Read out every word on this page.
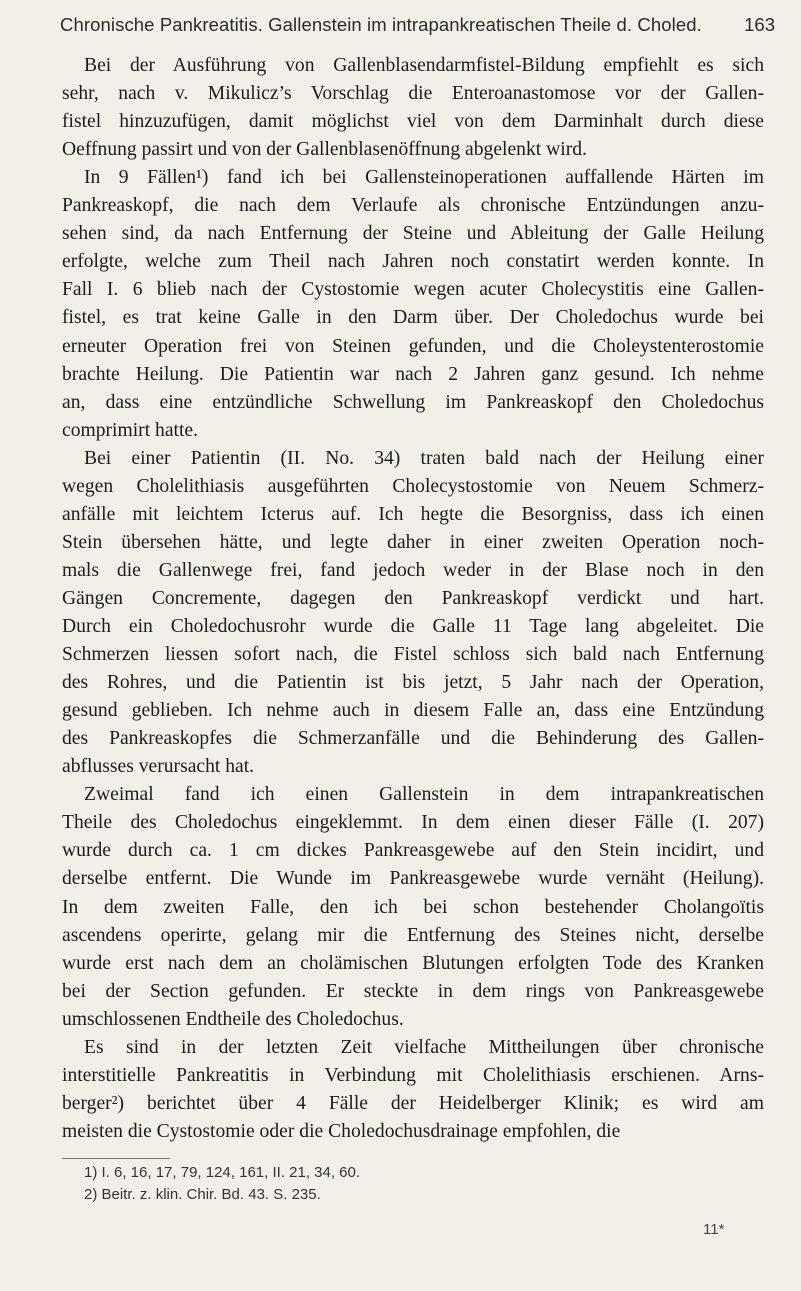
Chronische Pankreatitis. Gallenstein im intrapankreatischen Theile d. Choled. 163
Bei der Ausführung von Gallenblasendarmfistel-Bildung empfiehlt es sich
sehr, nach v. Mikulicz’s Vorschlag die Enteroanastomose vor der Gallen-
fistel hinzuzufügen, damit möglichst viel von dem Darminhalt durch diese
Oeffnung passirt und von der Gallenblasenöffnung abgelenkt wird.
In 9 Fällen¹) fand ich bei Gallensteinoperationen auffallende Härten im
Pankreaskopf, die nach dem Verlaufe als chronische Entzündungen anzu-
sehen sind, da nach Entfernung der Steine und Ableitung der Galle Heilung
erfolgte, welche zum Theil nach Jahren noch constatirt werden konnte. In
Fall I. 6 blieb nach der Cystostomie wegen acuter Cholecystitis eine Gallen-
fistel, es trat keine Galle in den Darm über. Der Choledochus wurde bei
erneuter Operation frei von Steinen gefunden, und die Choleystenterostomie
brachte Heilung. Die Patientin war nach 2 Jahren ganz gesund. Ich nehme
an, dass eine entzündliche Schwellung im Pankreaskopf den Choledochus
comprimirt hatte.
Bei einer Patientin (II. No. 34) traten bald nach der Heilung einer
wegen Cholelithiasis ausgeführten Cholecystostomie von Neuem Schmerz-
anfälle mit leichtem Icterus auf. Ich hegte die Besorgniss, dass ich einen
Stein übersehen hätte, und legte daher in einer zweiten Operation noch-
mals die Gallenwege frei, fand jedoch weder in der Blase noch in den
Gängen Concremente, dagegen den Pankreaskopf verdickt und hart.
Durch ein Choledochusrohr wurde die Galle 11 Tage lang abgeleitet. Die
Schmerzen liessen sofort nach, die Fistel schloss sich bald nach Entfernung
des Rohres, und die Patientin ist bis jetzt, 5 Jahr nach der Operation,
gesund geblieben. Ich nehme auch in diesem Falle an, dass eine Entzündung
des Pankreaskopfes die Schmerzanfälle und die Behinderung des Gallen-
abflusses verursacht hat.
Zweimal fand ich einen Gallenstein in dem intrapankreatischen
Theile des Choledochus eingeklemmt. In dem einen dieser Fälle (I. 207)
wurde durch ca. 1 cm dickes Pankreasgewebe auf den Stein incidirt, und
derselbe entfernt. Die Wunde im Pankreasgewebe wurde vernäht (Heilung).
In dem zweiten Falle, den ich bei schon bestehender Cholangoïtis
ascendens operirte, gelang mir die Entfernung des Steines nicht, derselbe
wurde erst nach dem an cholämischen Blutungen erfolgten Tode des Kranken
bei der Section gefunden. Er steckte in dem rings von Pankreasgewebe
umschlossenen Endtheile des Choledochus.
Es sind in der letzten Zeit vielfache Mittheilungen über chronische
interstitielle Pankreatitis in Verbindung mit Cholelithiasis erschienen. Arns-
berger²) berichtet über 4 Fälle der Heidelberger Klinik; es wird am
meisten die Cystostomie oder die Choledochusdrainage empfohlen, die
1) I. 6, 16, 17, 79, 124, 161, II. 21, 34, 60.
2) Beitr. z. klin. Chir. Bd. 43. S. 235.
11*
